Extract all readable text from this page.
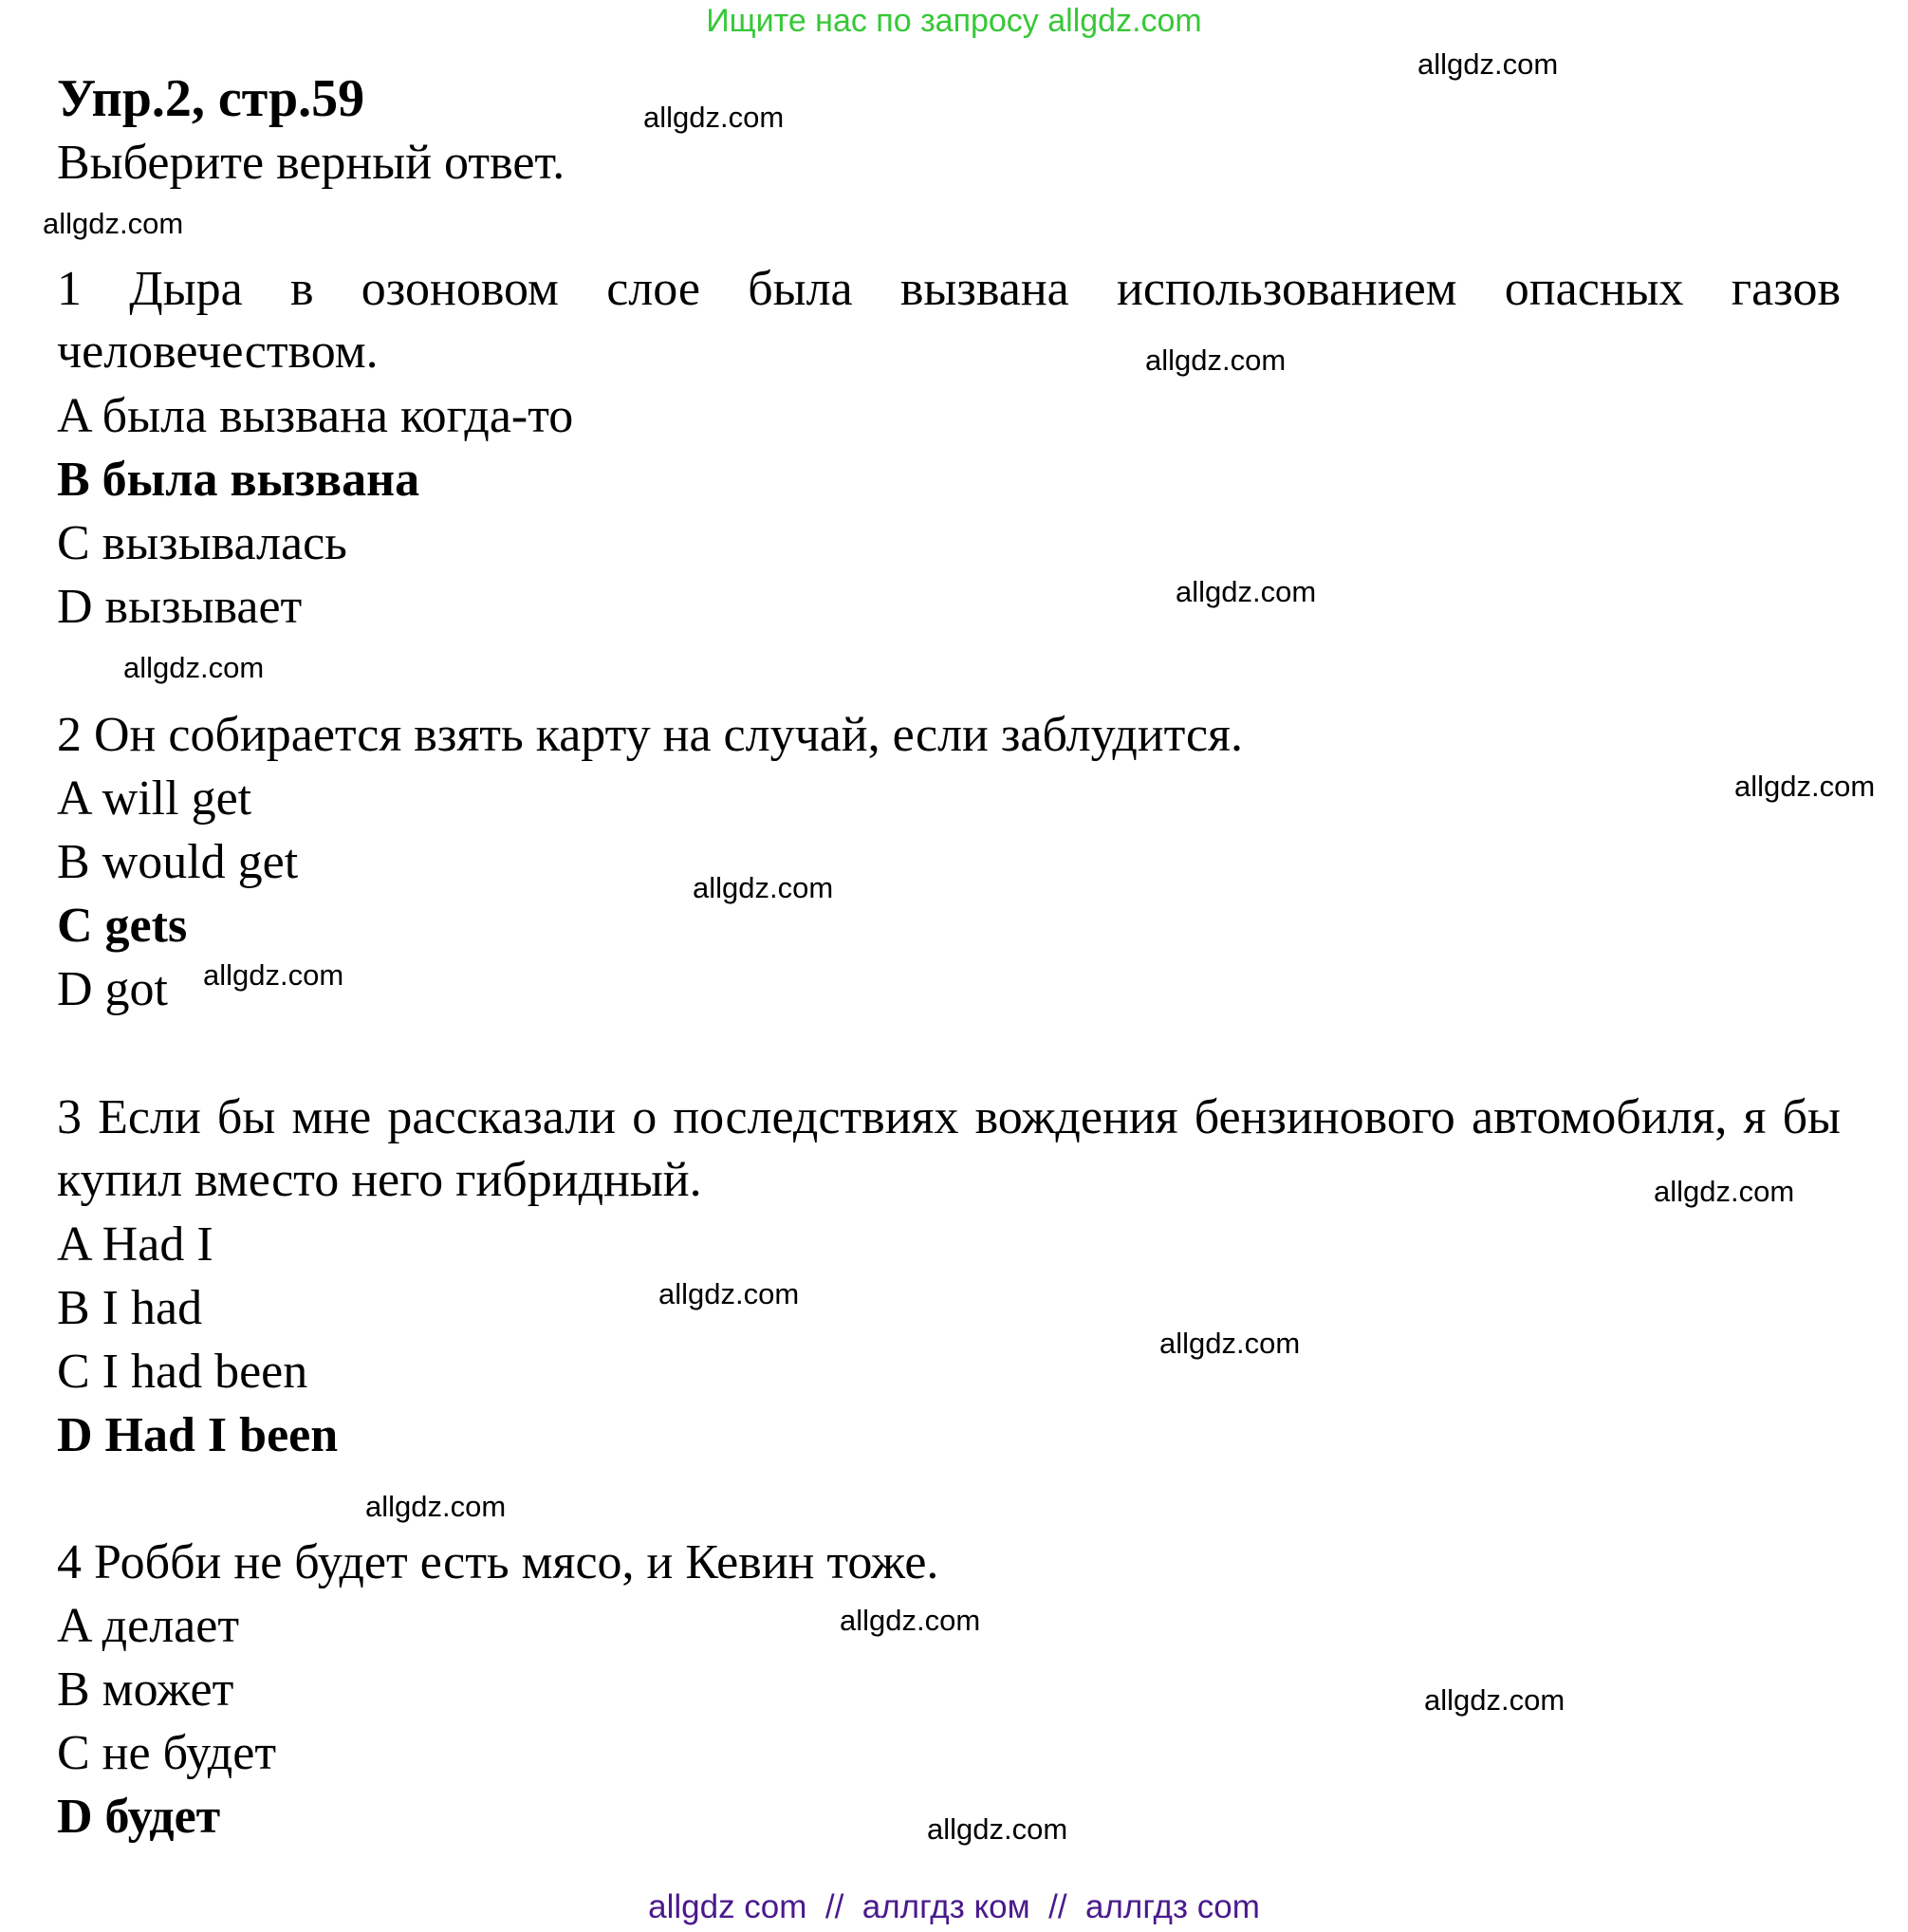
Ищите нас по запросу allgdz.com
Упр.2, стр.59
Выберите верный ответ.
1 Дыра в озоновом слое была вызвана использованием опасных газов человечеством.
A была вызвана когда-то
B была вызвана
C вызывалась
D вызывает
2 Он собирается взять карту на случай, если заблудится.
A will get
B would get
C gets
D got
3 Если бы мне рассказали о последствиях вождения бензинового автомобиля, я бы купил вместо него гибридный.
A Had I
B I had
C I had been
D Had I been
4 Робби не будет есть мясо, и Кевин тоже.
A делает
B может
C не будет
D будет
allgdz.com
allgdz.com
allgdz.com
allgdz.com
allgdz.com
allgdz.com
allgdz.com
allgdz.com
allgdz.com
allgdz.com
allgdz.com
allgdz.com
allgdz.com
allgdz.com
allgdz.com
allgdz.com
allgdz com  //  аллгдз ком  //  аллгдз com
